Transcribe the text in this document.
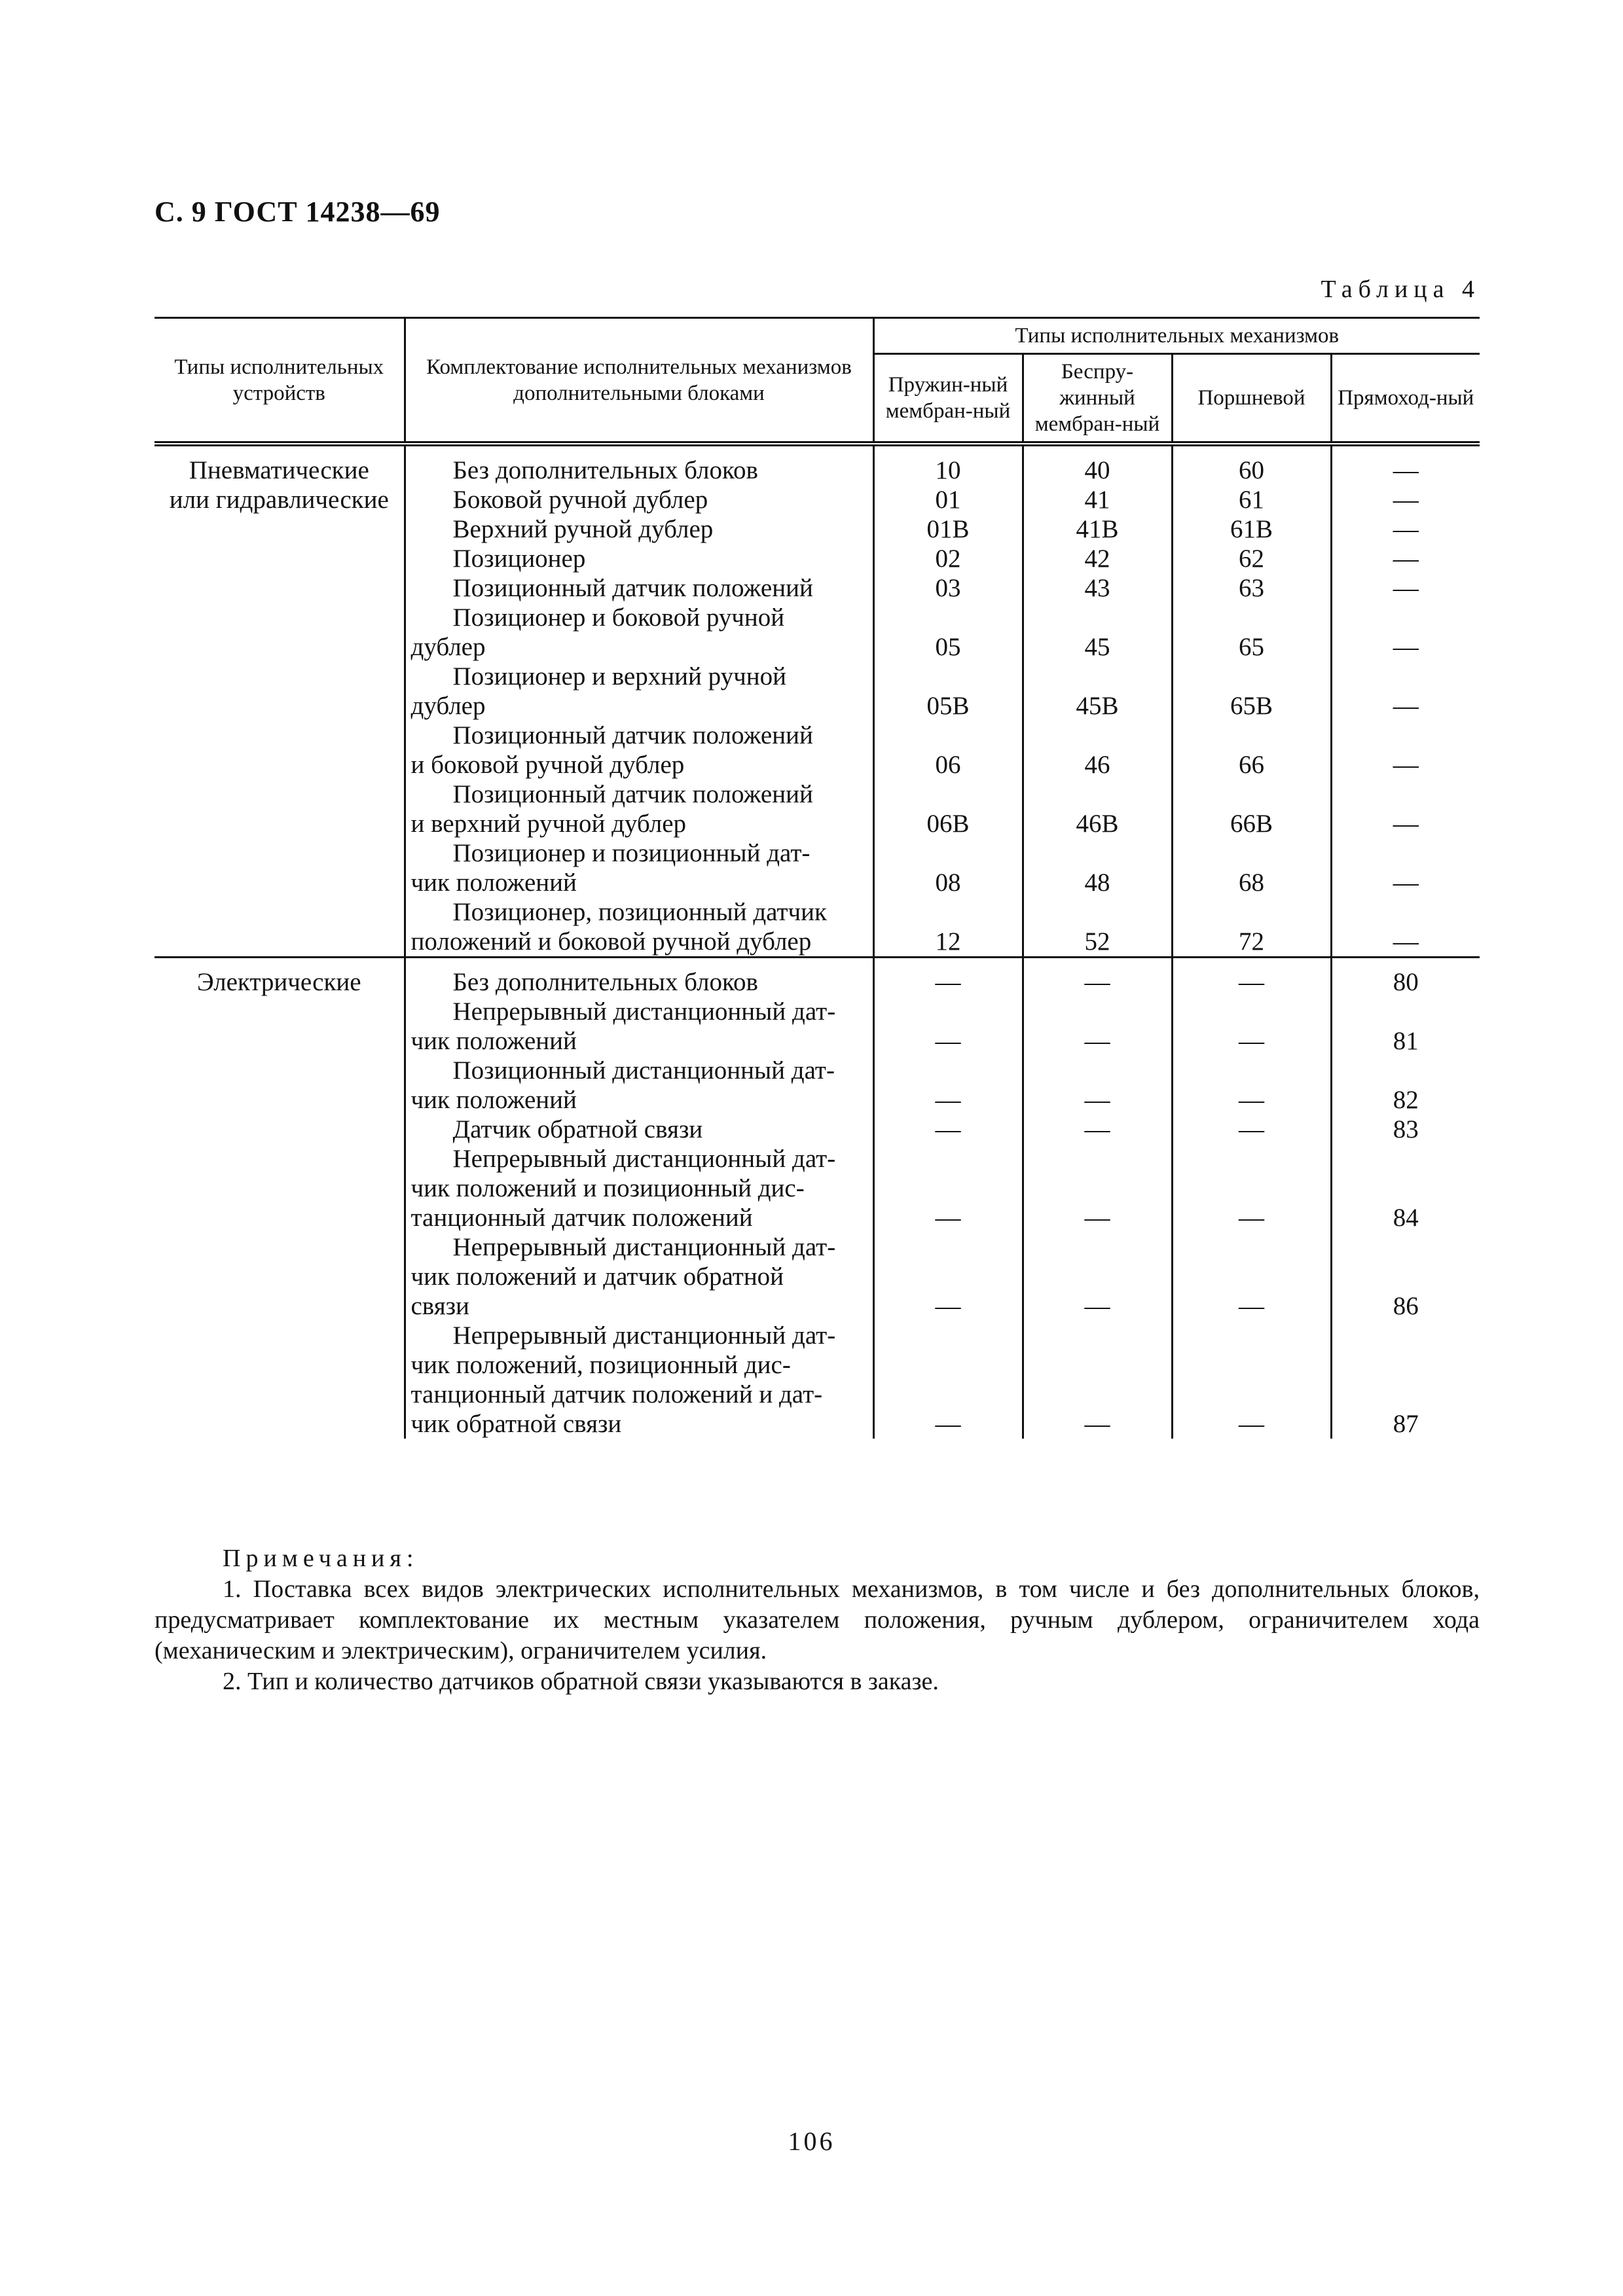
С. 9 ГОСТ 14238—69
Таблица 4
Типы исполнительных устройств	Комплектование исполнительных механизмов дополнительными блоками	Типы исполнительных механизмов			
		Пружин-ный мембран-ный	Беспру-жинный мембран-ный	Поршневой	Прямоход-ный

Пневматические
или гидравлические	Без дополнительных блоков	10	40	60	—

	Боковой ручной дублер	01	41	61	—

	Верхний ручной дублер	01В	41В	61В	—

	Позиционер	02	42	62	—

	Позиционный датчик положений	03	43	63	—

	Позиционер и боковой ручной
дублер	05	45	65	—

	Позиционер и верхний ручной
дублер	05В	45В	65В	—

	Позиционный датчик положений
и боковой ручной дублер	06	46	66	—

	Позиционный датчик положений
и верхний ручной дублер	06В	46В	66В	—

	Позиционер и позиционный дат-
чик положений	08	48	68	—

	Позиционер, позиционный датчик
положений и боковой ручной дублер	12	52	72	—

Электрические	Без дополнительных блоков	—	—	—	80

	Непрерывный дистанционный дат-
чик положений	—	—	—	81

	Позиционный дистанционный дат-
чик положений	—	—	—	82

	Датчик обратной связи	—	—	—	83

	Непрерывный дистанционный дат-
чик положений и позиционный дис-
танционный датчик положений	—	—	—	84

	Непрерывный дистанционный дат-
чик положений и датчик обратной
связи	—	—	—	86

	Непрерывный дистанционный дат-
чик положений, позиционный дис-
танционный датчик положений и дат-
чик обратной связи	—	—	—	87
Примечания:

1. Поставка всех видов электрических исполнительных механизмов, в том числе и без дополнительных блоков, предусматривает комплектование их местным указателем положения, ручным дублером, ограничителем хода (механическим и электрическим), ограничителем усилия.

2. Тип и количество датчиков обратной связи указываются в заказе.

106
